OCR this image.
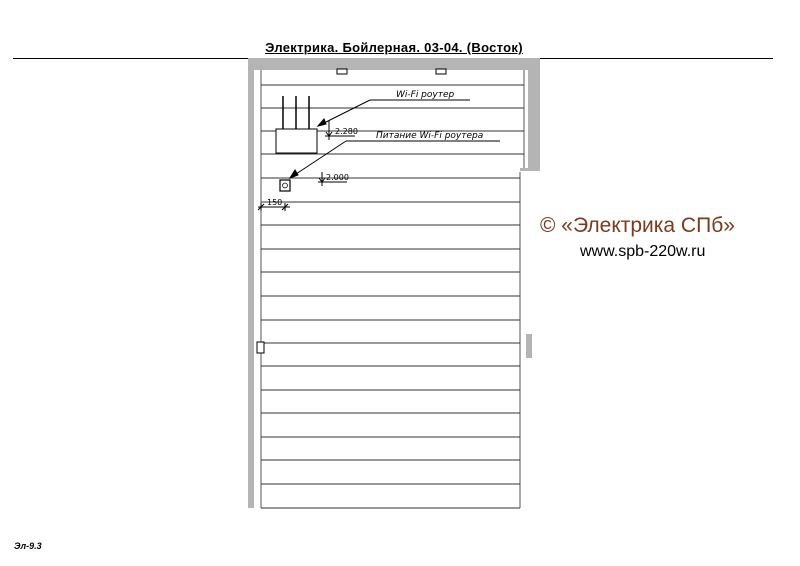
Электрика. Бойлерная. 03-04. (Восток)
Wi-Fi роутер
Питание Wi-Fi роутера
2.280
2.000
150
© «Электрика СПб»
www.spb-220w.ru
Эл-9.3
